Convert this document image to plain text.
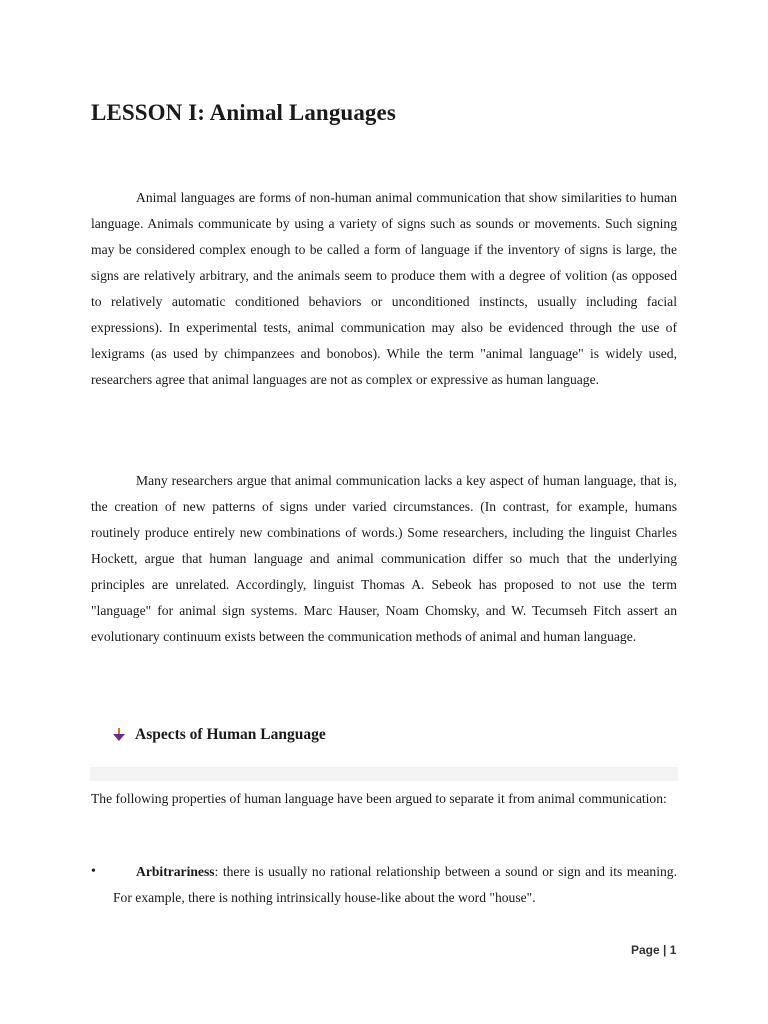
LESSON I: Animal Languages

Animal languages are forms of non-human animal communication that show similarities to human language. Animals communicate by using a variety of signs such as sounds or movements. Such signing may be considered complex enough to be called a form of language if the inventory of signs is large, the signs are relatively arbitrary, and the animals seem to produce them with a degree of volition (as opposed to relatively automatic conditioned behaviors or unconditioned instincts, usually including facial expressions). In experimental tests, animal communication may also be evidenced through the use of lexigrams (as used by chimpanzees and bonobos). While the term "animal language" is widely used, researchers agree that animal languages are not as complex or expressive as human language.

Many researchers argue that animal communication lacks a key aspect of human language, that is, the creation of new patterns of signs under varied circumstances. (In contrast, for example, humans routinely produce entirely new combinations of words.) Some researchers, including the linguist Charles Hockett, argue that human language and animal communication differ so much that the underlying principles are unrelated. Accordingly, linguist Thomas A. Sebeok has proposed to not use the term "language" for animal sign systems. Marc Hauser, Noam Chomsky, and W. Tecumseh Fitch assert an evolutionary continuum exists between the communication methods of animal and human language.

Aspects of Human Language

The following properties of human language have been argued to separate it from animal communication:

•	Arbitrariness: there is usually no rational relationship between a sound or sign and its meaning. For example, there is nothing intrinsically house-like about the word "house".

Page | 1
